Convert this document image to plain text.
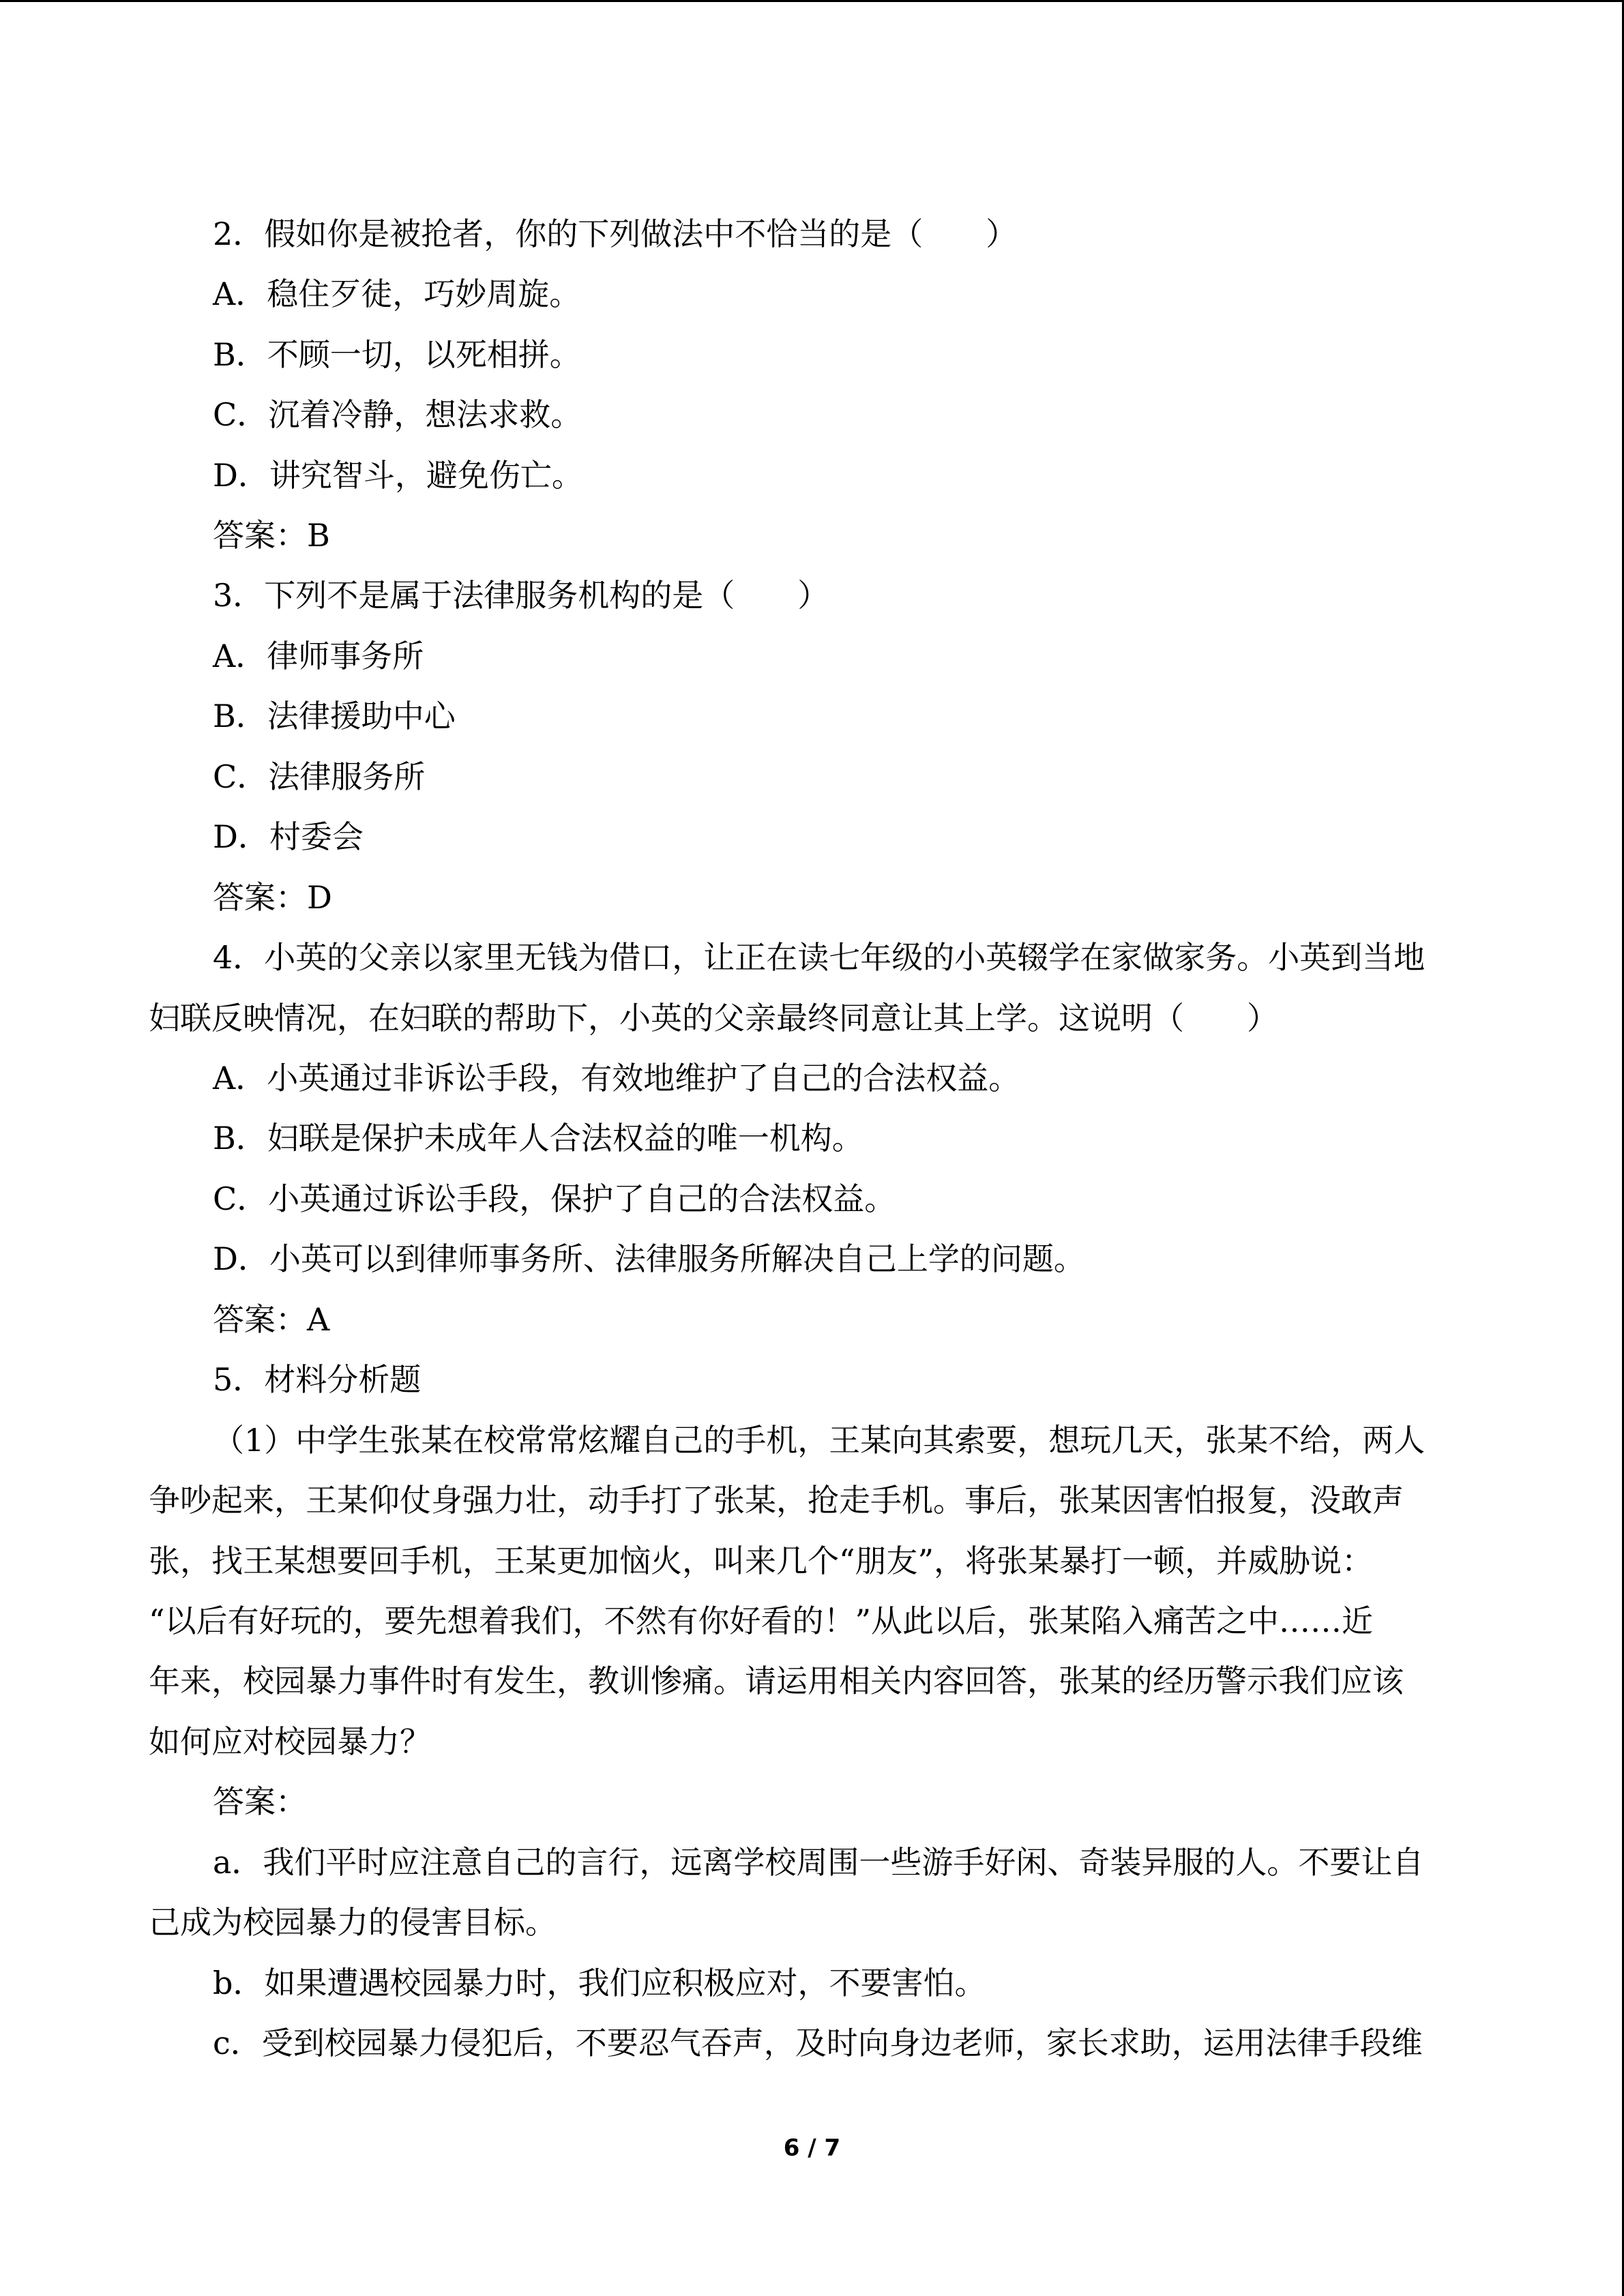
2．假如你是被抢者，你的下列做法中不恰当的是（　　）
A．稳住歹徒，巧妙周旋。
B．不顾一切，以死相拼。
C．沉着冷静，想法求救。
D．讲究智斗，避免伤亡。
答案：B
3．下列不是属于法律服务机构的是（　　）
A．律师事务所
B．法律援助中心
C．法律服务所
D．村委会
答案：D
4．小英的父亲以家里无钱为借口，让正在读七年级的小英辍学在家做家务。小英到当地
妇联反映情况，在妇联的帮助下，小英的父亲最终同意让其上学。这说明（　　）
A．小英通过非诉讼手段，有效地维护了自己的合法权益。
B．妇联是保护未成年人合法权益的唯一机构。
C．小英通过诉讼手段，保护了自己的合法权益。
D．小英可以到律师事务所、法律服务所解决自己上学的问题。
答案：A
5．材料分析题
（1）中学生张某在校常常炫耀自己的手机，王某向其索要，想玩几天，张某不给，两人
争吵起来，王某仰仗身强力壮，动手打了张某，抢走手机。事后，张某因害怕报复，没敢声
张，找王某想要回手机，王某更加恼火，叫来几个“朋友”，将张某暴打一顿，并威胁说：
“以后有好玩的，要先想着我们，不然有你好看的！”从此以后，张某陷入痛苦之中……近
年来，校园暴力事件时有发生，教训惨痛。请运用相关内容回答，张某的经历警示我们应该
如何应对校园暴力？
答案：
a．我们平时应注意自己的言行，远离学校周围一些游手好闲、奇装异服的人。不要让自
己成为校园暴力的侵害目标。
b．如果遭遇校园暴力时，我们应积极应对，不要害怕。
c．受到校园暴力侵犯后，不要忍气吞声，及时向身边老师，家长求助，运用法律手段维
6 / 7
